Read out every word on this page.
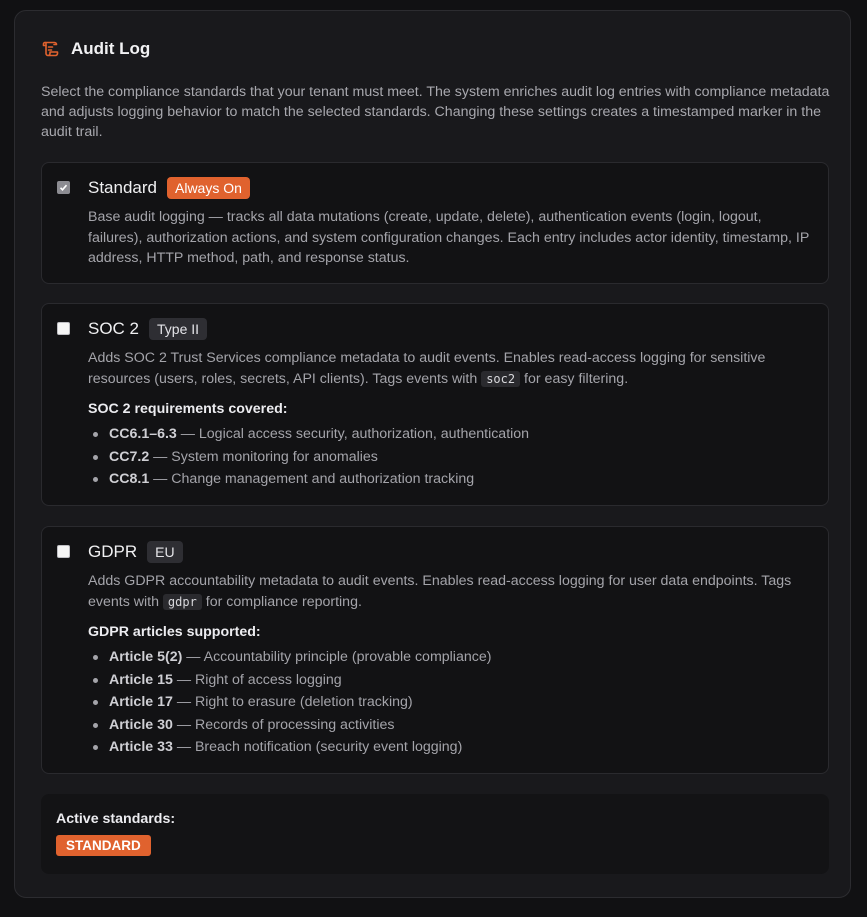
Audit Log
Select the compliance standards that your tenant must meet. The system enriches audit log entries with compliance metadata and adjusts logging behavior to match the selected standards. Changing these settings creates a timestamped marker in the audit trail.
Standard	Always On
Base audit logging — tracks all data mutations (create, update, delete), authentication events (login, logout, failures), authorization actions, and system configuration changes. Each entry includes actor identity, timestamp, IP address, HTTP method, path, and response status.
SOC 2	Type II
Adds SOC 2 Trust Services compliance metadata to audit events. Enables read-access logging for sensitive resources (users, roles, secrets, API clients). Tags events with soc2 for easy filtering.
SOC 2 requirements covered:
CC6.1–6.3 — Logical access security, authorization, authentication
CC7.2 — System monitoring for anomalies
CC8.1 — Change management and authorization tracking
GDPR	EU
Adds GDPR accountability metadata to audit events. Enables read-access logging for user data endpoints. Tags events with gdpr for compliance reporting.
GDPR articles supported:
Article 5(2) — Accountability principle (provable compliance)
Article 15 — Right of access logging
Article 17 — Right to erasure (deletion tracking)
Article 30 — Records of processing activities
Article 33 — Breach notification (security event logging)
Active standards:
STANDARD
